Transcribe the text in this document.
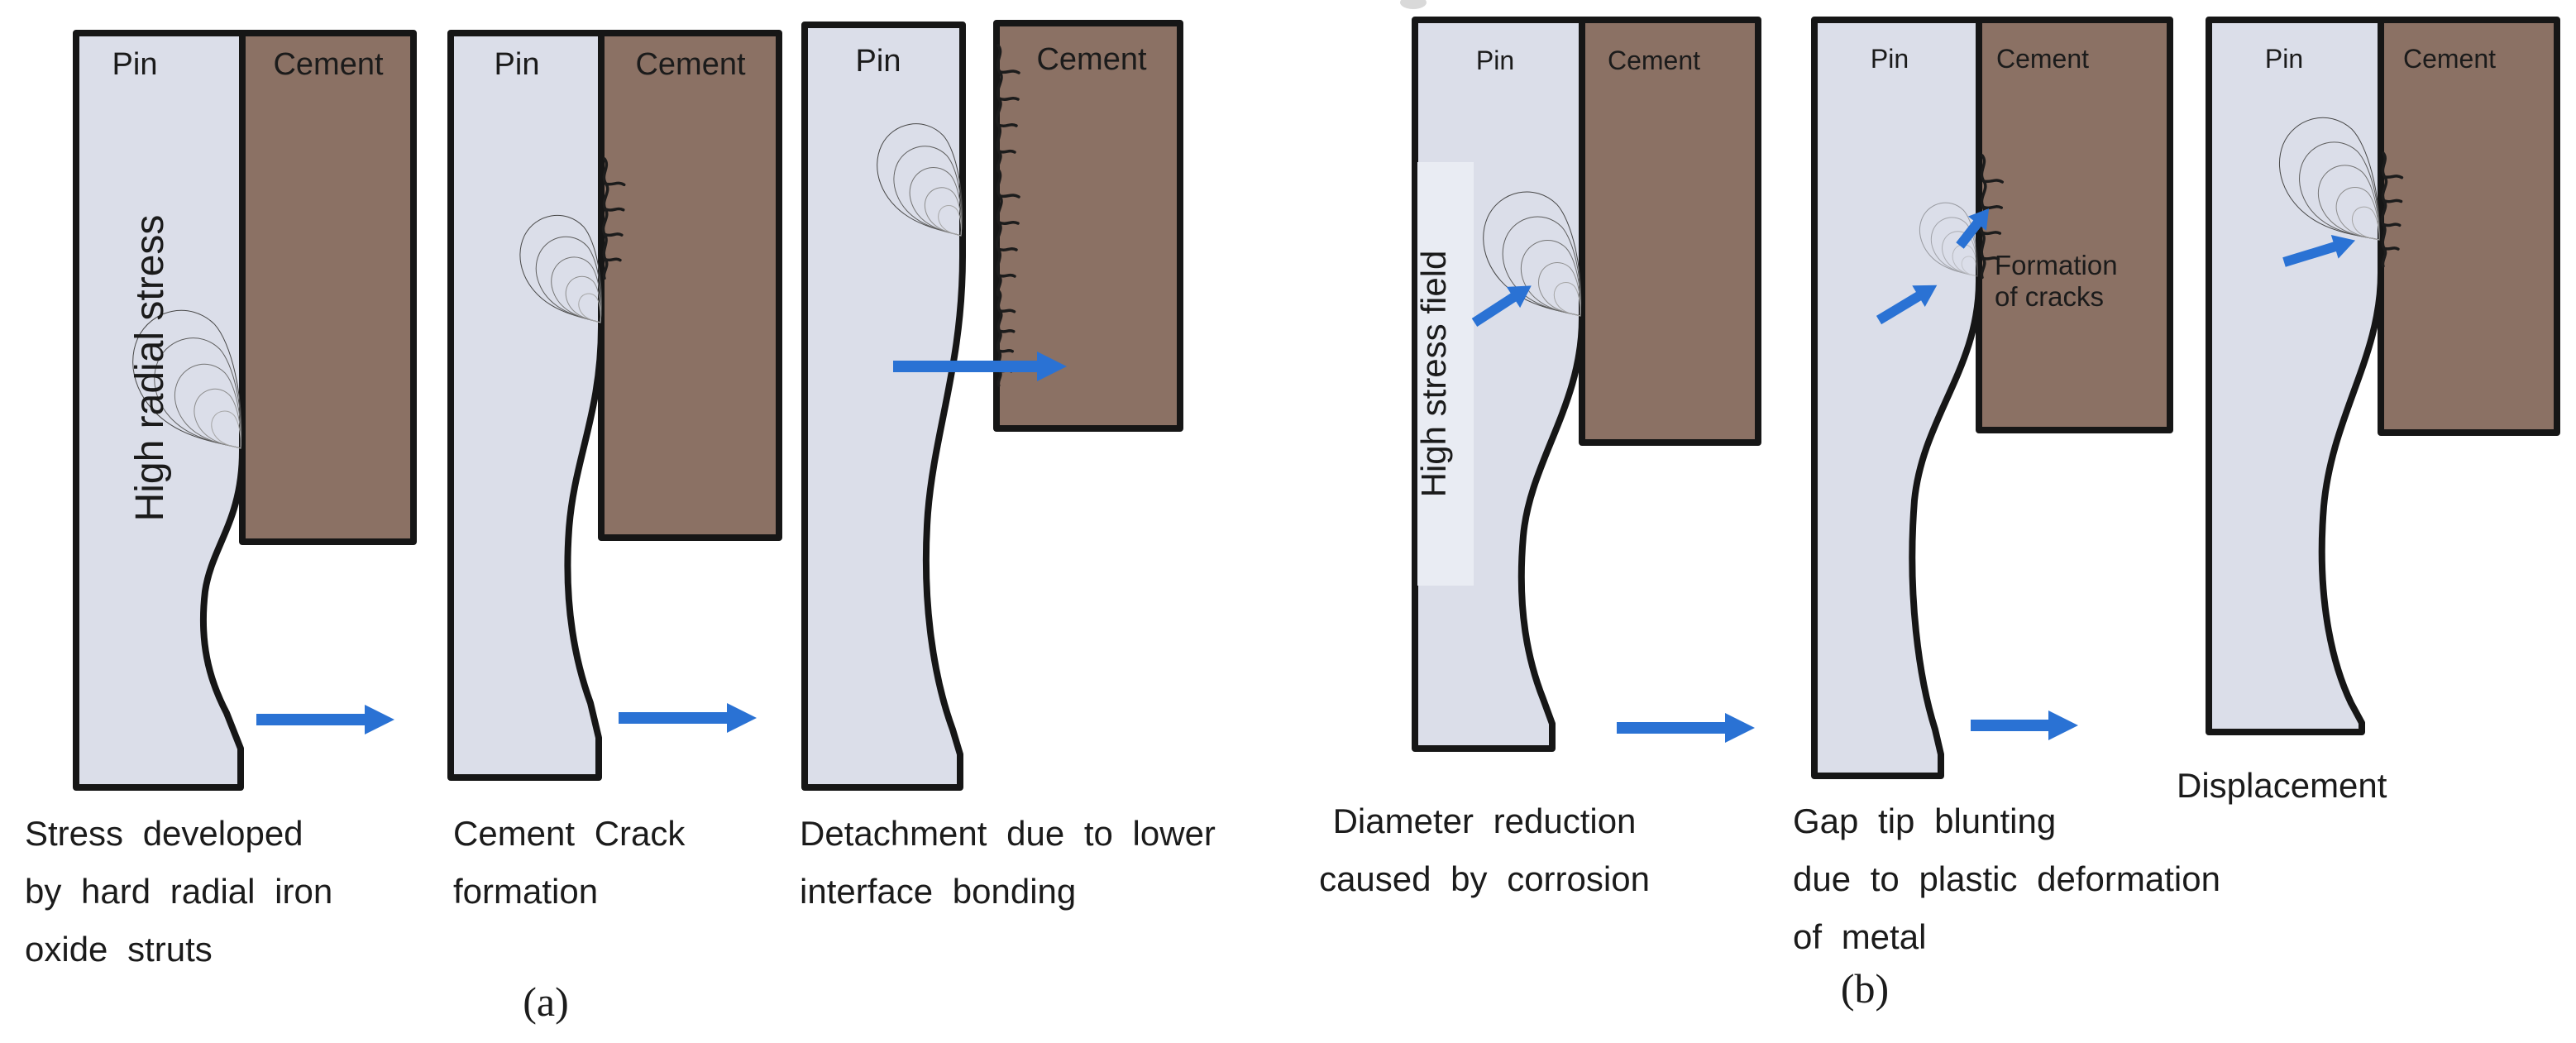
Pin	Cement
High radial stress
Stress developed
by hard radial iron
oxide struts
Pin	Cement
Cement Crack
formation
Pin	Cement
Detachment due to lower
interface bonding
(a)
Pin	Cement
High stress field
Diameter reduction
caused by corrosion
Pin	Cement
Formation
of cracks
Gap tip blunting
due to plastic deformation
of metal
Pin	Cement
Displacement
(b)
